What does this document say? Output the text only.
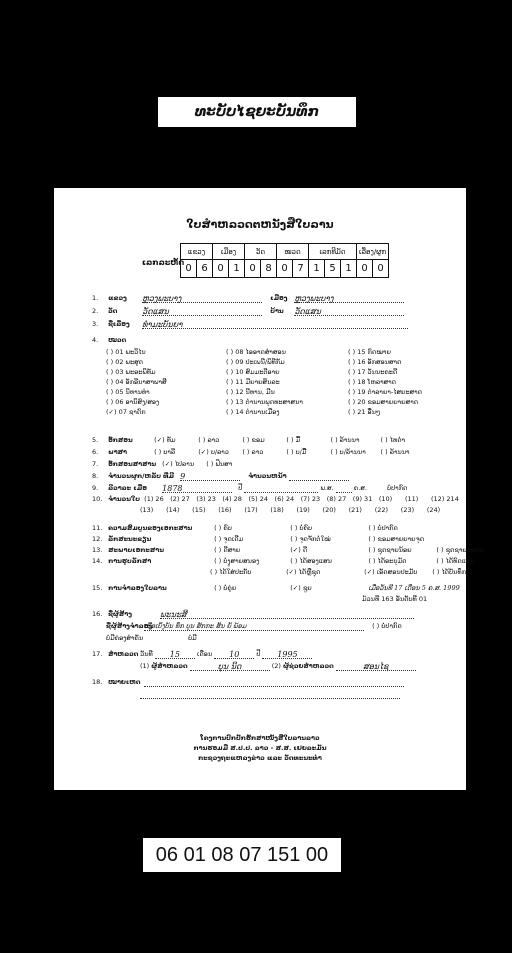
ທະບັບໄຊຍະບັນທຶກ
ໃບສຳຫລວດຕຫນັງສືໃບລານ
ເລກລະຫັດ
ແຂວງ		ເມືອງ		ວັດ		ໝວດ		ເລກທີມັດ			ເລື່ອງ/ຜູກ	
0	6	0	1	0	8	0	7	1	5	1	0	0
1. ແຂວງ ຫຼວງພະບາງ	ເມືອງ ຫຼວງພະບາງ
2. ວັດ	ວັດແສນ	ບ້ານ ວັດແສນ
3. ຊື່ເລື່ອງ ທໍາມະບັນຍາ
4. ໝວດ
( ) 01 ພະວິໄນ
( ) 02 ພະສູດ
( ) 03 ພະອະພິທັມ
( ) 04 ອັກອີນາສາພາສີ
( ) 05 ນິທານທໍາ
( ) 06 ອານິສົງ/ສອງ
(✓) 07 ຊາດົກ
( ) 08 ໄອອາດສຳສອນ
( ) 09 ປະເພນີ/ພິທີກັມ
( ) 10 ສົມມະຕີອາຍ
( ) 11 ມີຍາຍສິນລະ
( ) 12 ນີທານ, ມີນ
( ) 13 ຕຳນານພຸດທະສາສນາ
( ) 14 ຕຳນານເມືອງ
( ) 15 ກົດໝາຍ
( ) 16 ອັກສອນສາດ
( ) 17 ວັນນະຄະດີ
( ) 18 ໂຫລາສາດ
( ) 19 ຕຳລາຍາ-ໄສຍະສາດ
( ) 20 ຂອມສາຍຍາຍສາດ
( ) 21 ອື່ນໆ
5. ອັກສອນ	(✓) ທັມ	( ) ລາວ	( ) ຂອມ	( ) ມື້	( ) ລ້ານນາ	( ) ໄທດຳ
6. ພາສາ	( ) ບາລີ	(✓) ບ/ລາວ ( ) ລາວ	( ) ບ/ມື້	( ) ບ/ລ້ານນາ ( ) ລ້ານນາ
7. ອັກສອນສາສານ (✓) ໄປລານ ( ) ຟິນສາ
8. ຈຳນວນຜູກ/ຫລັບ ທີ່ມີ 9	ຈຳນວນຫນ້າ
9. ລີວາລະ ເມື່ອ 1878	ປີ	ພ.ສ.	ຄ.ສ.	ບໍ່ປາກົດ
10. ຈຳນວນໃບ (1) 26 (2) 27 (3) 23 (4) 28 (5) 24 (6) 24 (7) 23 (8) 27 (9) 31 (10) (11) (12) 214
(13) (14) (15) (16) (17) (18) (19) (20) (21) (22) (23) (24)
11. ຄວາມສົມບູນຂອງເອກະສານ	( ) ຄົບ	( ) ບໍ່ຄົບ	( ) ບໍ່ປາກົດ
12. ລັກສະນະຂຽນ	( ) ຈຸດເດີມ	( ) ຈຸດຈັກຕໍ່ໃໝ່	( ) ຂອມສາຍຍາຍຈຸດ
13. ສະພາບເອກະສານ	( ) ດີສາຍ	(✓) ດີ	( ) ຊຸດຊາຍນ້ອຍ	( ) ຊຸດຊາຍຫລາຍ
14. ການຮູບລັກສາ	( ) ບໍ່ງູສາຍສນອງ	( ) ໄດ້ສອງແສນ	( ) ໄດ້ອະນຸມັດ	( ) ໄດ້ທົດແທນ
( ) ໄດ້ໃສ່ປະກັບ	(✓) ໄດ້ຫຼືຊຸດ	(✓) ເອັດສອນປະມັບ ( ) ໄດ້ບັນທຶກ
15. ການຈຳລອງໃບລານ	( ) ບໍ່ຄູ່ຍ	(✓) ຊູຍ	ເມື່ອວັນທີ 17 ເດືອນ 5 ຄ.ສ. 1999
ມ້ວນທີ 163 ອັນດັບທີ 01
16. ຊື່ຜູ້ສ້າງ	ພະນະສີ
ຊື່ຜູ້ສ້າງຈຳລອງ ເພື່ອເບິ່ງບັນ ທຶກ ບຸນ ສັກກະ ສັນ ຍັ ພ້ອມ	( ) ບໍ່ປາກົດ
ບໍ່ມີຄ່ອງສຳຄັນ	ບໍ່ມີ
17. ສຳຫລວດ ວັນທີ 15	ເດືອນ 10	ປີ 1995
(1) ຜູ້ສຳຫລວດ	ບຸນ ນິດ	(2) ຜູ້ຊ່ວຍສຳຫລວດ	ສອນໄຊ
18. ໝາຍເຫດ
ໂຄງການປົກປັກຮັກສາໜັງສືໃບລານລາວ
ການຮອມມື ສ.ປ.ປ. ລາວ - ສ.ສ. ເຢຍລະມັນ
ກະຊວງຖະແຫລງຂ່າວ ແລະ ວັດທະນະທຳ
06 01 08 07 151 00
